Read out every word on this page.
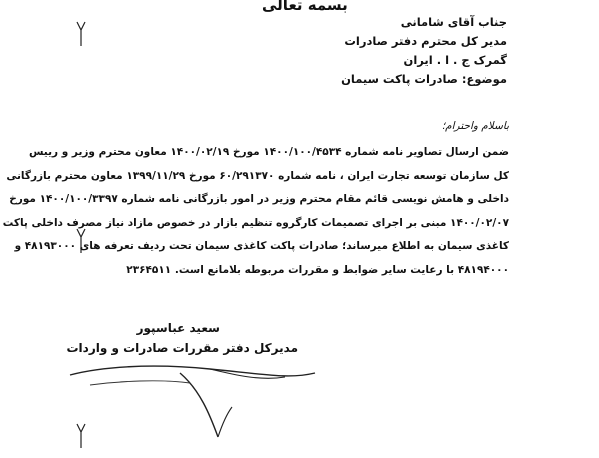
بسمه تعالی
جناب آقای شامانی
مدیر کل محترم دفتر صادرات
گمرک ج . ا . ایران
موضوع: صادرات پاکت سیمان
باسلام واحترام؛
ضمن ارسال تصاویر نامه شماره ۱۴۰۰/۱۰۰/۴۵۳۴ مورخ ۱۴۰۰/۰۲/۱۹ معاون محترم وزیر و رییس
کل سازمان توسعه تجارت ایران ، نامه شماره ۶۰/۲۹۱۳۷۰ مورخ ۱۳۹۹/۱۱/۲۹ معاون محترم بازرگانی
داخلی و هامش نویسی قائم مقام محترم وزیر در امور بازرگانی نامه شماره ۱۴۰۰/۱۰۰/۳۳۹۷ مورخ
۱۴۰۰/۰۲/۰۷ مبنی بر اجرای تصمیمات کارگروه تنظیم بازار در خصوص مازاد نیاز مصرف داخلی پاکت
کاغذی سیمان به اطلاع میرساند؛ صادرات پاکت کاغذی سیمان تحت ردیف تعرفه های ۴۸۱۹۳۰۰۰ و
۴۸۱۹۴۰۰۰ با رعایت سایر ضوابط و مقررات مربوطه بلامانع است. ۲۳۶۴۵۱۱
سعید عباسپور
مدیرکل دفتر مقررات صادرات و واردات
